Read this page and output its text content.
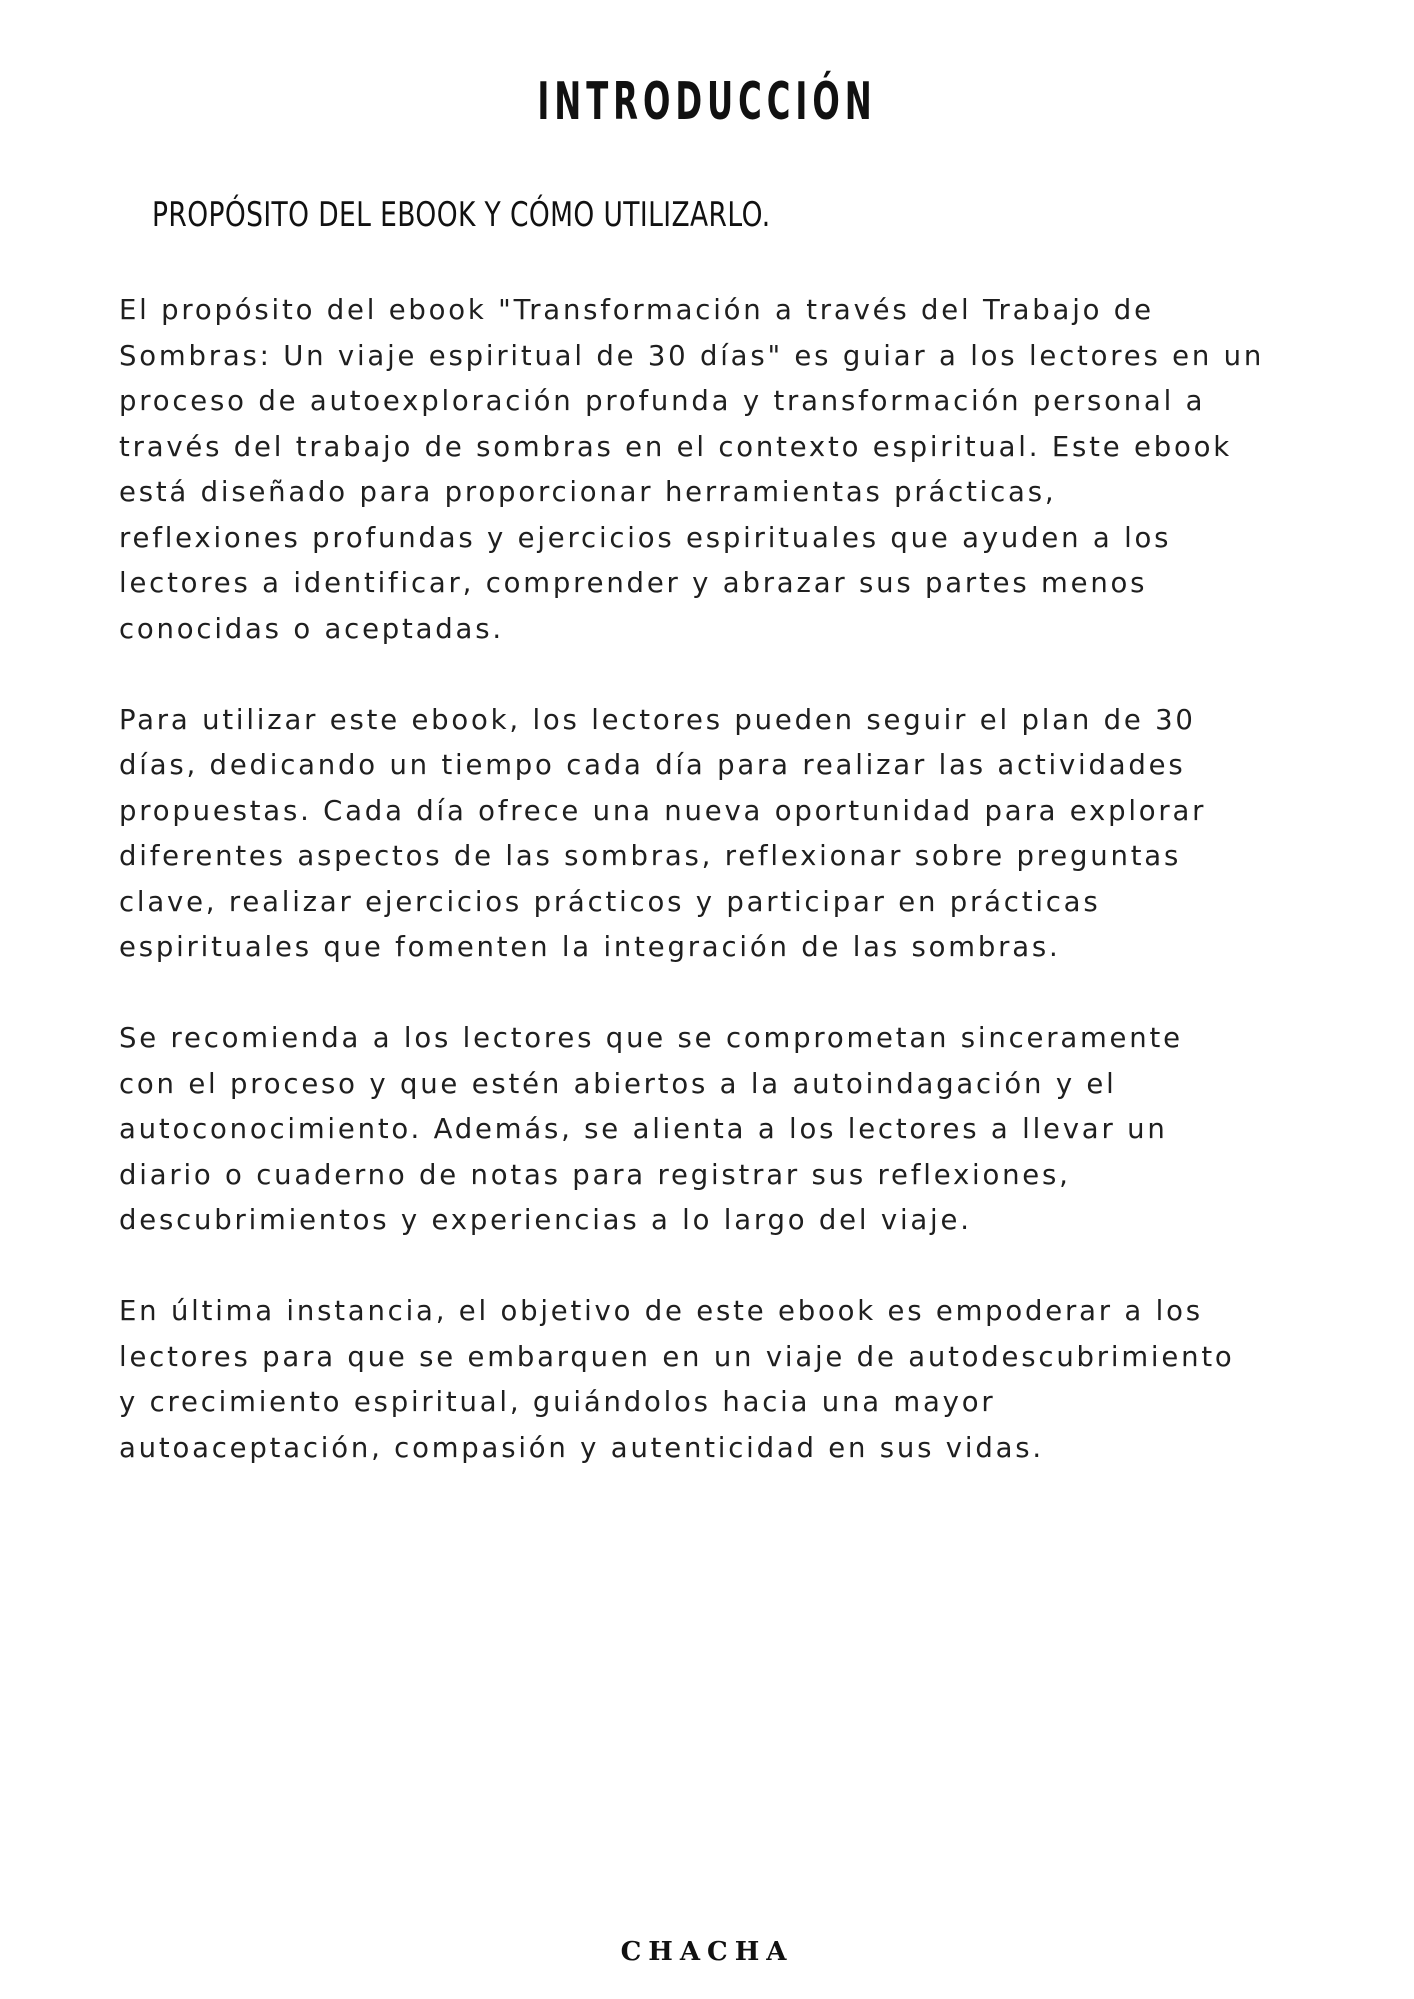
INTRODUCCIÓN
PROPÓSITO DEL EBOOK Y CÓMO UTILIZARLO.

El propósito del ebook "Transformación a través del Trabajo de
Sombras: Un viaje espiritual de 30 días" es guiar a los lectores en un
proceso de autoexploración profunda y transformación personal a
través del trabajo de sombras en el contexto espiritual. Este ebook
está diseñado para proporcionar herramientas prácticas,
reflexiones profundas y ejercicios espirituales que ayuden a los
lectores a identificar, comprender y abrazar sus partes menos
conocidas o aceptadas.

Para utilizar este ebook, los lectores pueden seguir el plan de 30
días, dedicando un tiempo cada día para realizar las actividades
propuestas. Cada día ofrece una nueva oportunidad para explorar
diferentes aspectos de las sombras, reflexionar sobre preguntas
clave, realizar ejercicios prácticos y participar en prácticas
espirituales que fomenten la integración de las sombras.

Se recomienda a los lectores que se comprometan sinceramente
con el proceso y que estén abiertos a la autoindagación y el
autoconocimiento. Además, se alienta a los lectores a llevar un
diario o cuaderno de notas para registrar sus reflexiones,
descubrimientos y experiencias a lo largo del viaje.

En última instancia, el objetivo de este ebook es empoderar a los
lectores para que se embarquen en un viaje de autodescubrimiento
y crecimiento espiritual, guiándolos hacia una mayor
autoaceptación, compasión y autenticidad en sus vidas.

CHACHA
